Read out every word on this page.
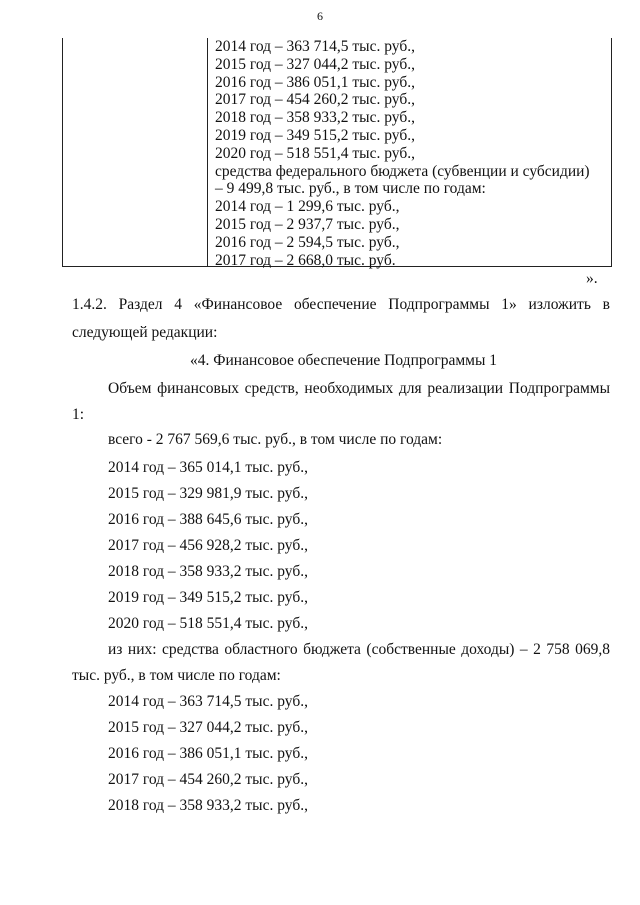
6
2014 год – 363 714,5 тыс. руб.,
2015 год – 327 044,2 тыс. руб.,
2016 год – 386 051,1 тыс. руб.,
2017 год – 454 260,2 тыс. руб.,
2018 год – 358 933,2 тыс. руб.,
2019 год – 349 515,2 тыс. руб.,
2020 год – 518 551,4 тыс. руб.,
средства федерального бюджета (субвенции и субсидии)
– 9 499,8 тыс. руб., в том числе по годам:
2014 год – 1 299,6 тыс. руб.,
2015 год – 2 937,7 тыс. руб.,
2016 год – 2 594,5 тыс. руб.,
2017 год – 2 668,0 тыс. руб.
».
1.4.2. Раздел 4 «Финансовое обеспечение Подпрограммы 1» изложить в
следующей редакции:
«4. Финансовое обеспечение Подпрограммы 1
Объем финансовых средств, необходимых для реализации Подпрограммы
1:
всего - 2 767 569,6 тыс. руб., в том числе по годам:
2014 год – 365 014,1 тыс. руб.,
2015 год – 329 981,9 тыс. руб.,
2016 год – 388 645,6 тыс. руб.,
2017 год – 456 928,2 тыс. руб.,
2018 год – 358 933,2 тыс. руб.,
2019 год – 349 515,2 тыс. руб.,
2020 год – 518 551,4 тыс. руб.,
из них: средства областного бюджета (собственные доходы) – 2 758 069,8
тыс. руб., в том числе по годам:
2014 год – 363 714,5 тыс. руб.,
2015 год – 327 044,2 тыс. руб.,
2016 год – 386 051,1 тыс. руб.,
2017 год – 454 260,2 тыс. руб.,
2018 год – 358 933,2 тыс. руб.,
